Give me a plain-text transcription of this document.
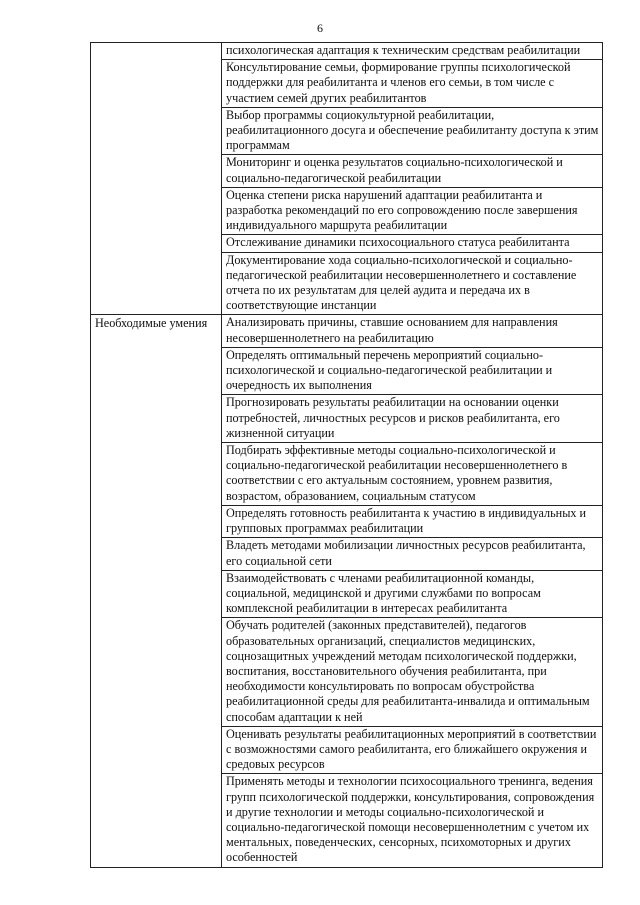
6

	психологическая адаптация к техническим средствам реабилитации

	Консультирование семьи, формирование группы психологической поддержки для реабилитанта и членов его семьи, в том числе с участием семей других реабилитантов

	Выбор программы социокультурной реабилитации, реабилитационного досуга и обеспечение реабилитанту доступа к этим программам

	Мониторинг и оценка результатов социально-психологической и социально-педагогической реабилитации

	Оценка степени риска нарушений адаптации реабилитанта и разработка рекомендаций по его сопровождению после завершения индивидуального маршрута реабилитации

	Отслеживание динамики психосоциального статуса реабилитанта

	Документирование хода социально-психологической и социально-педагогической реабилитации несовершеннолетнего и составление отчета по их результатам для целей аудита и передача их в соответствующие инстанции

Необходимые умения	Анализировать причины, ставшие основанием для направления несовершеннолетнего на реабилитацию

	Определять оптимальный перечень мероприятий социально-психологической и социально-педагогической реабилитации и очередность их выполнения

	Прогнозировать результаты реабилитации на основании оценки потребностей, личностных ресурсов и рисков реабилитанта, его жизненной ситуации

	Подбирать эффективные методы социально-психологической и социально-педагогической реабилитации несовершеннолетнего в соответствии с его актуальным состоянием, уровнем развития, возрастом, образованием, социальным статусом

	Определять готовность реабилитанта к участию в индивидуальных и групповых программах реабилитации

	Владеть методами мобилизации личностных ресурсов реабилитанта, его социальной сети

	Взаимодействовать с членами реабилитационной команды, социальной, медицинской и другими службами по вопросам комплексной реабилитации в интересах реабилитанта

	Обучать родителей (законных представителей), педагогов образовательных организаций, специалистов медицинских, соцнозащитных учреждений методам психологической поддержки, воспитания, восстановительного обучения реабилитанта, при необходимости консультировать по вопросам обустройства реабилитационной среды для реабилитанта-инвалида и оптимальным способам адаптации к ней

	Оценивать результаты реабилитационных мероприятий в соответствии с возможностями самого реабилитанта, его ближайшего окружения и средовых ресурсов

	Применять методы и технологии психосоциального тренинга, ведения групп психологической поддержки, консультирования, сопровождения и другие технологии и методы социально-психологической и социально-педагогической помощи несовершеннолетним с учетом их ментальных, поведенческих, сенсорных, психомоторных и других особенностей
